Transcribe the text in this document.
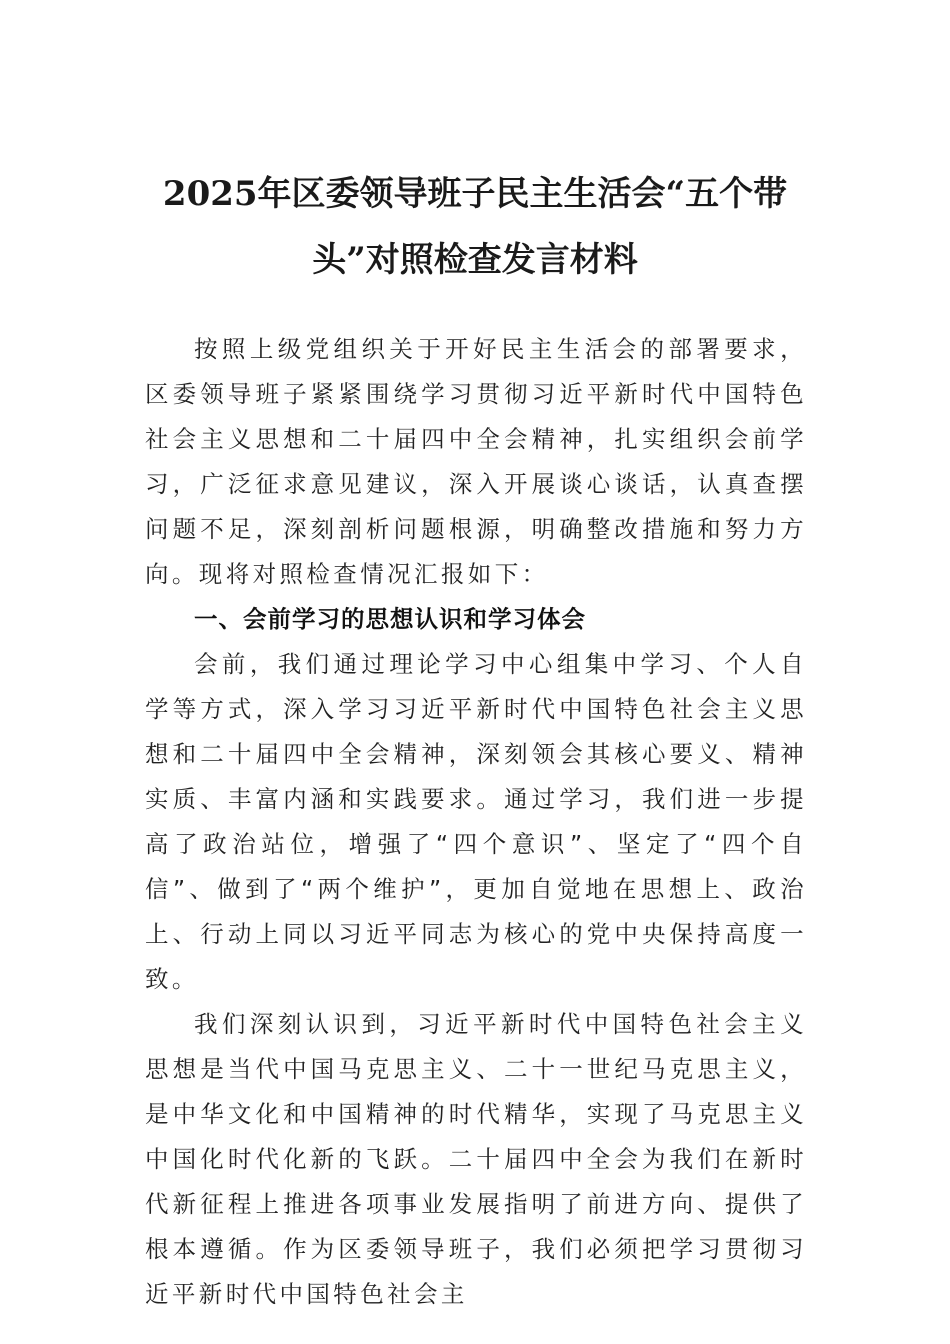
2025年区委领导班子民主生活会“五个带
头”对照检查发言材料

按照上级党组织关于开好民主生活会的部署要求，区委领导班子紧紧围绕学习贯彻习近平新时代中国特色社会主义思想和二十届四中全会精神，扎实组织会前学习，广泛征求意见建议，深入开展谈心谈话，认真查摆问题不足，深刻剖析问题根源，明确整改措施和努力方向。现将对照检查情况汇报如下：

一、会前学习的思想认识和学习体会

会前，我们通过理论学习中心组集中学习、个人自学等方式，深入学习习近平新时代中国特色社会主义思想和二十届四中全会精神，深刻领会其核心要义、精神实质、丰富内涵和实践要求。通过学习，我们进一步提高了政治站位，增强了“四个意识”、坚定了“四个自信”、做到了“两个维护”，更加自觉地在思想上、政治上、行动上同以习近平同志为核心的党中央保持高度一致。

我们深刻认识到，习近平新时代中国特色社会主义思想是当代中国马克思主义、二十一世纪马克思主义，是中华文化和中国精神的时代精华，实现了马克思主义中国化时代化新的飞跃。二十届四中全会为我们在新时代新征程上推进各项事业发展指明了前进方向、提供了根本遵循。作为区委领导班子，我们必须把学习贯彻习近平新时代中国特色社会主
